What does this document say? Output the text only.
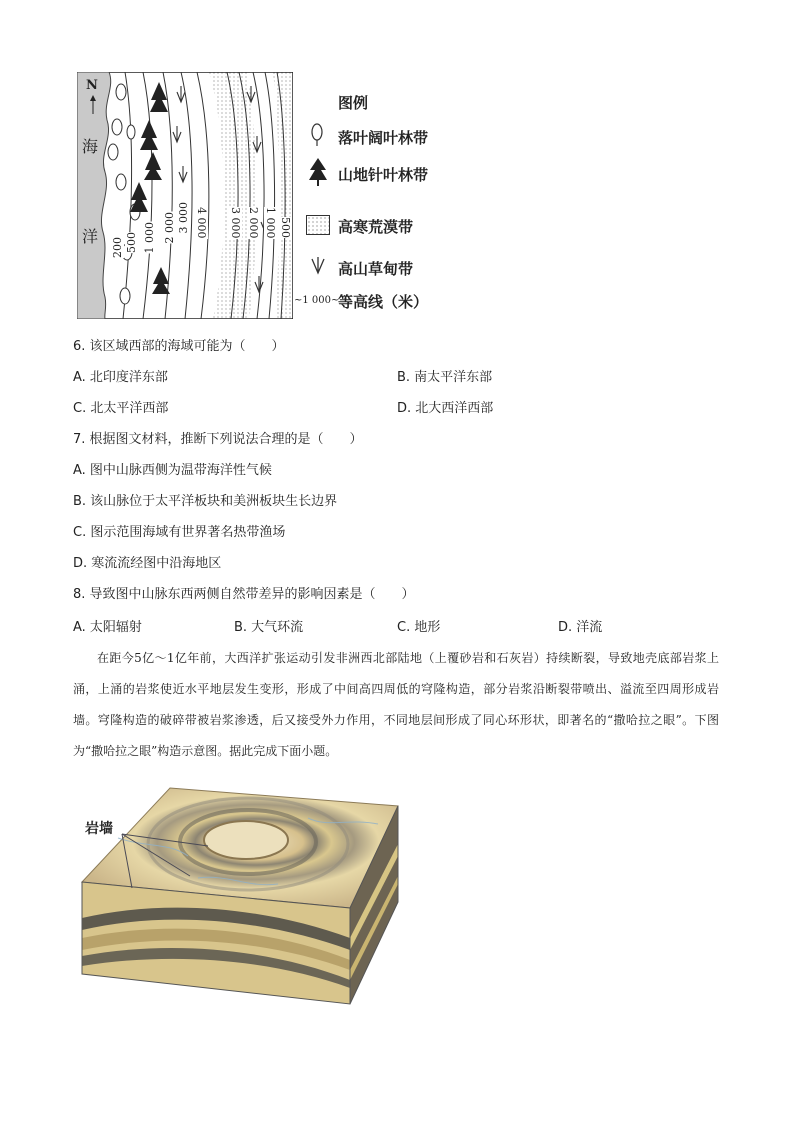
N
海
洋
3 000
2 000
1 000
500
200
4 000 3 000 2 000 1 000 500
图例
落叶阔叶林带
山地针叶林带
高寒荒漠带
高山草甸带
~1 000~
等高线（米）
6. 该区域西部的海域可能为（　　）
A. 北印度洋东部	B. 南太平洋东部
C. 北太平洋西部	D. 北大西洋西部
7. 根据图文材料，推断下列说法合理的是（　　）
A. 图中山脉西侧为温带海洋性气候
B. 该山脉位于太平洋板块和美洲板块生长边界
C. 图示范围海域有世界著名热带渔场
D. 寒流流经图中沿海地区
8. 导致图中山脉东西两侧自然带差异的影响因素是（　　）
A. 太阳辐射	B. 大气环流	C. 地形	D. 洋流
在距今5亿～1亿年前，大西洋扩张运动引发非洲西北部陆地（上覆砂岩和石灰岩）持续断裂，导致地壳底部岩浆上涌，上涌的岩浆使近水平地层发生变形，形成了中间高四周低的穹隆构造，部分岩浆沿断裂带喷出、溢流至四周形成岩墙。穹隆构造的破碎带被岩浆渗透，后又接受外力作用，不同地层间形成了同心环形状，即著名的“撒哈拉之眼”。下图为“撒哈拉之眼”构造示意图。据此完成下面小题。
岩墙
